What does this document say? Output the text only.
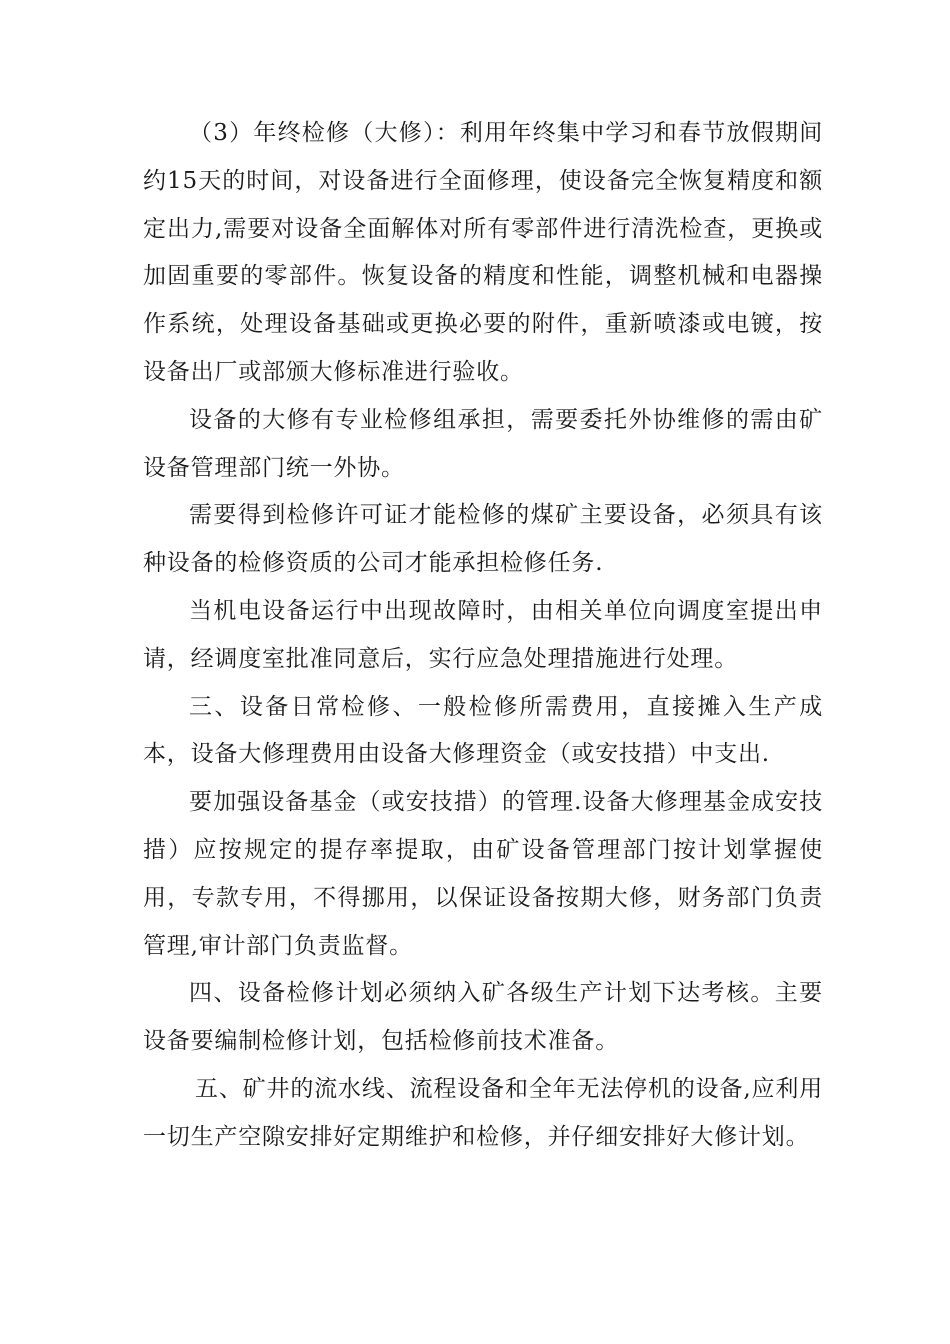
（3）年终检修（大修）：利用年终集中学习和春节放假期间约15天的时间，对设备进行全面修理，使设备完全恢复精度和额定出力,需要对设备全面解体对所有零部件进行清洗检查，更换或加固重要的零部件。恢复设备的精度和性能，调整机械和电器操作系统，处理设备基础或更换必要的附件，重新喷漆或电镀，按设备出厂或部颁大修标准进行验收。

设备的大修有专业检修组承担，需要委托外协维修的需由矿设备管理部门统一外协。

需要得到检修许可证才能检修的煤矿主要设备，必须具有该种设备的检修资质的公司才能承担检修任务.

当机电设备运行中出现故障时，由相关单位向调度室提出申请，经调度室批准同意后，实行应急处理措施进行处理。

三、设备日常检修、一般检修所需费用，直接摊入生产成本，设备大修理费用由设备大修理资金（或安技措）中支出.

要加强设备基金（或安技措）的管理.设备大修理基金成安技措）应按规定的提存率提取，由矿设备管理部门按计划掌握使用，专款专用，不得挪用，以保证设备按期大修，财务部门负责管理,审计部门负责监督。

四、设备检修计划必须纳入矿各级生产计划下达考核。主要设备要编制检修计划，包括检修前技术准备。

五、矿井的流水线、流程设备和全年无法停机的设备,应利用一切生产空隙安排好定期维护和检修，并仔细安排好大修计划。
